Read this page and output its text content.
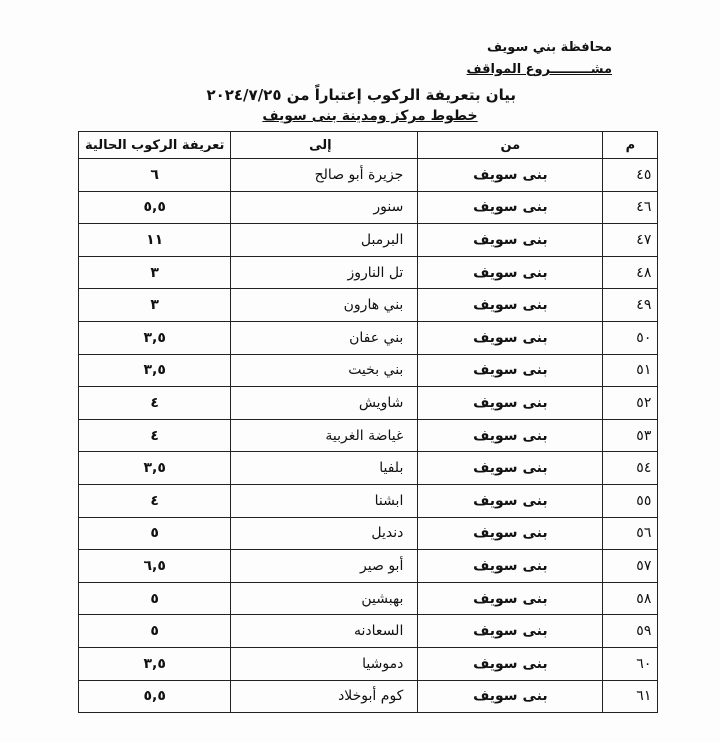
محافظة بني سويف
مشـــــــــروع المواقف
بيان بتعريفة الركوب إعتباراً من ٢٠٢٤/٧/٢٥
خطوط مركز ومدينة بنى سويف
م	من	إلى	تعريفة الركوب الحالية
٤٥	بنى سويف	جزيرة أبو صالح	٦
٤٦	بنى سويف	سنور	٥,٥
٤٧	بنى سويف	البرمبل	١١
٤٨	بنى سويف	تل الناروز	٣
٤٩	بنى سويف	بني هارون	٣
٥٠	بنى سويف	بني عفان	٣,٥
٥١	بنى سويف	بني بخيت	٣,٥
٥٢	بنى سويف	شاويش	٤
٥٣	بنى سويف	غياضة الغربية	٤
٥٤	بنى سويف	بلفيا	٣,٥
٥٥	بنى سويف	ابشنا	٤
٥٦	بنى سويف	دنديل	٥
٥٧	بنى سويف	أبو صير	٦,٥
٥٨	بنى سويف	بهبشين	٥
٥٩	بنى سويف	السعادنه	٥
٦٠	بنى سويف	دموشيا	٣,٥
٦١	بنى سويف	كوم أبوخلاد	٥,٥
